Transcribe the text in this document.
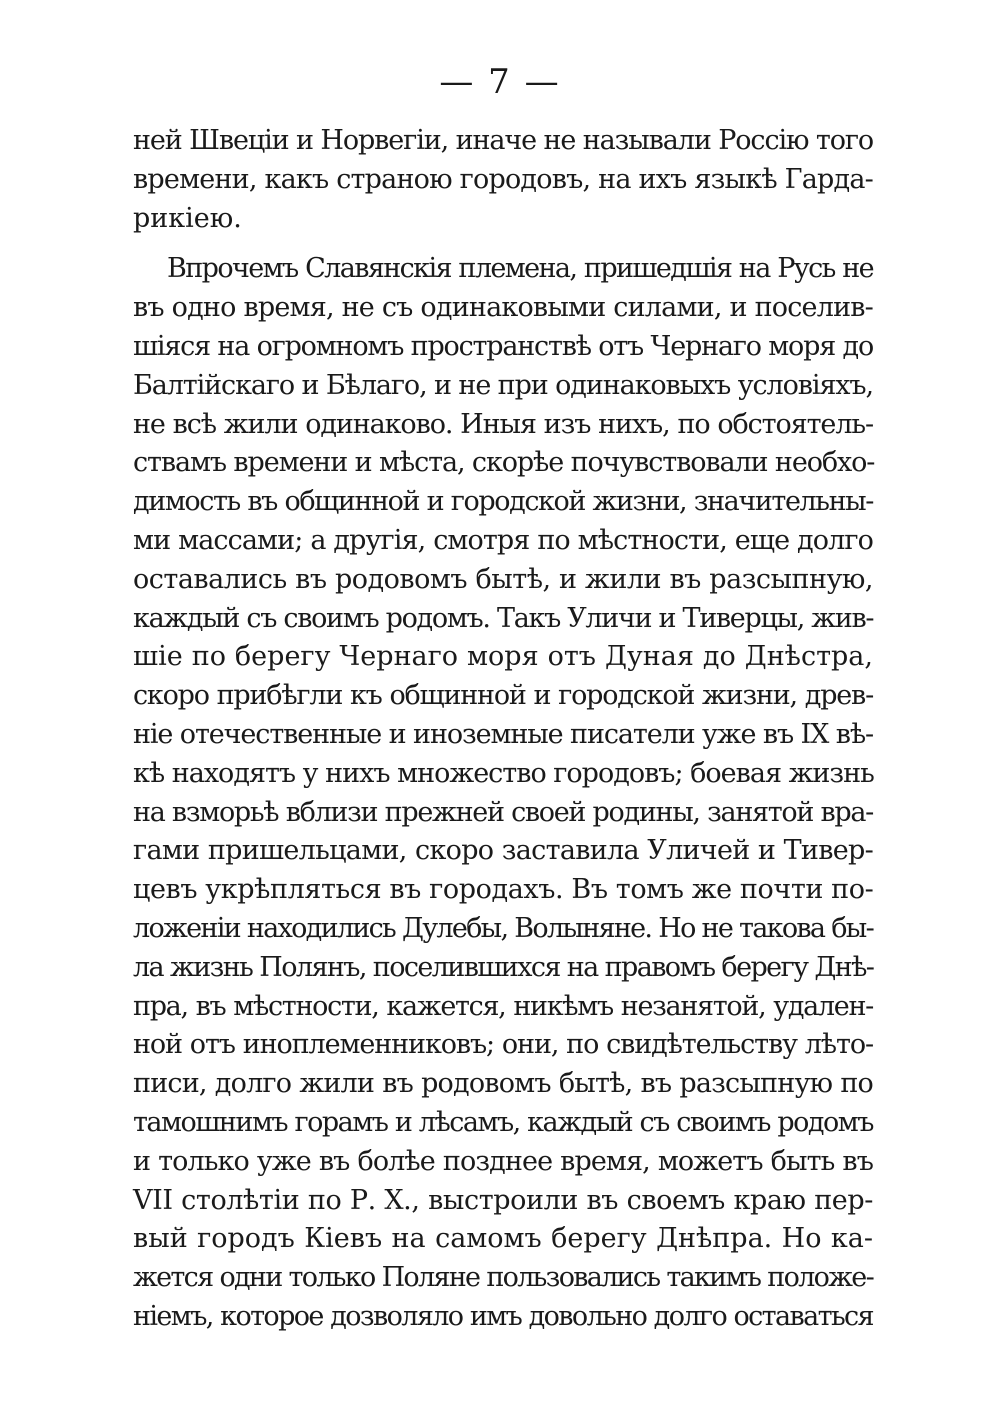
— 7 —
ней Швеціи и Норвегіи, иначе не называли Россію того
времени, какъ страною городовъ, на ихъ языкѣ Гарда-
рикіею.
Впрочемъ Славянскія племена, пришедшія на Русь не
въ одно время, не съ одинаковыми силами, и поселив-
шіяся на огромномъ пространствѣ отъ Чернаго моря до
Балтійскаго и Бѣлаго, и не при одинаковыхъ условіяхъ,
не всѣ жили одинаково. Иныя изъ нихъ, по обстоятель-
ствамъ времени и мѣста, скорѣе почувствовали необхо-
димость въ общинной и городской жизни, значительны-
ми массами; а другія, смотря по мѣстности, еще долго
оставались въ родовомъ бытѣ, и жили въ разсыпную,
каждый съ своимъ родомъ. Такъ Уличи и Тиверцы, жив-
шіе по берегу Чернаго моря отъ Дуная до Днѣстра,
скоро прибѣгли къ общинной и городской жизни, древ-
ніе отечественные и иноземные писатели уже въ IX вѣ-
кѣ находятъ у нихъ множество городовъ; боевая жизнь
на взморьѣ вблизи прежней своей родины, занятой вра-
гами пришельцами, скоро заставила Уличей и Тивер-
цевъ укрѣпляться въ городахъ. Въ томъ же почти по-
ложеніи находились Дулебы, Волыняне. Но не такова бы-
ла жизнь Полянъ, поселившихся на правомъ берегу Днѣ-
пра, въ мѣстности, кажется, никѣмъ незанятой, удален-
ной отъ иноплеменниковъ; они, по свидѣтельству лѣто-
писи, долго жили въ родовомъ бытѣ, въ разсыпную по
тамошнимъ горамъ и лѣсамъ, каждый съ своимъ родомъ
и только уже въ болѣе позднее время, можетъ быть въ
VII столѣтіи по Р. Х., выстроили въ своемъ краю пер-
вый городъ Кіевъ на самомъ берегу Днѣпра. Но ка-
жется одни только Поляне пользовались такимъ положе-
ніемъ, которое дозволяло имъ довольно долго оставаться
